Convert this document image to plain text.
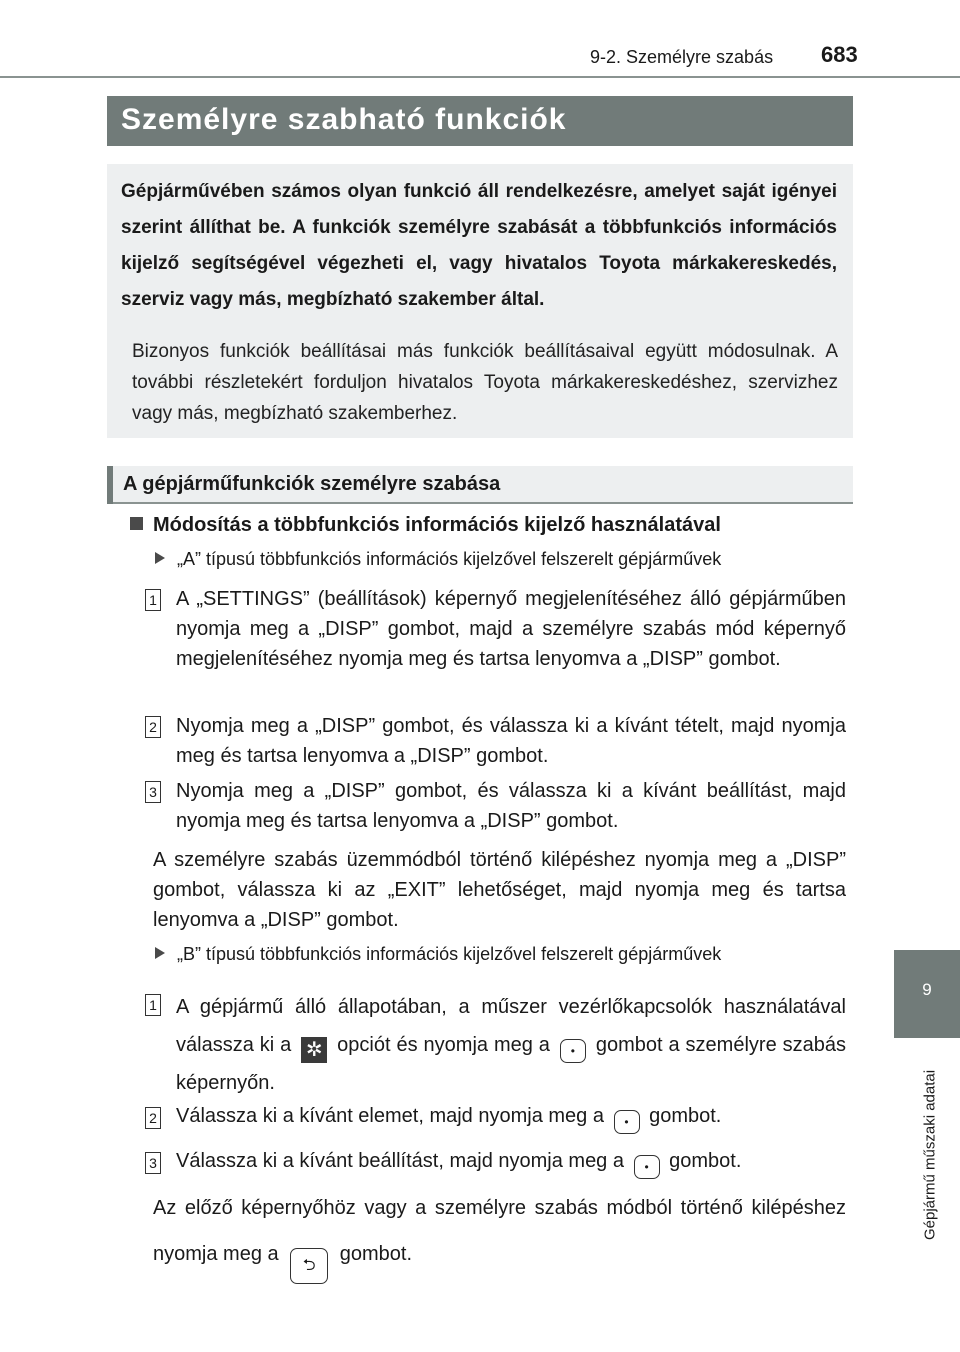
9-2. Személyre szabás 683
9
Gépjármű műszaki adatai
Személyre szabható funkciók
Gépjárművében számos olyan funkció áll rendelkezésre, amelyet saját igényei szerint állíthat be. A funkciók személyre szabását a többfunkciós információs kijelző segítségével végezheti el, vagy hivatalos Toyota márkakereskedés, szerviz vagy más, megbízható szakember által.
Bizonyos funkciók beállításai más funkciók beállításaival együtt módosulnak. A további részletekért forduljon hivatalos Toyota márkakereskedéshez, szervizhez vagy más, megbízható szakemberhez.
A gépjárműfunkciók személyre szabása
Módosítás a többfunkciós információs kijelző használatával
„A” típusú többfunkciós információs kijelzővel felszerelt gépjárművek
1 A „SETTINGS” (beállítások) képernyő megjelenítéséhez álló gépjárműben nyomja meg a „DISP” gombot, majd a személyre szabás mód képernyő megjelenítéséhez nyomja meg és tartsa lenyomva a „DISP” gombot.
2 Nyomja meg a „DISP” gombot, és válassza ki a kívánt tételt, majd nyomja meg és tartsa lenyomva a „DISP” gombot.
3 Nyomja meg a „DISP” gombot, és válassza ki a kívánt beállítást, majd nyomja meg és tartsa lenyomva a „DISP” gombot.
A személyre szabás üzemmódból történő kilépéshez nyomja meg a „DISP” gombot, válassza ki az „EXIT” lehetőséget, majd nyomja meg és tartsa lenyomva a „DISP” gombot.
„B” típusú többfunkciós információs kijelzővel felszerelt gépjárművek
1 A gépjármű álló állapotában, a műszer vezérlőkapcsolók használatával válassza ki a ✲ opciót és nyomja meg a • gombot a személyre szabás képernyőn.
2 Válassza ki a kívánt elemet, majd nyomja meg a • gombot.
3 Válassza ki a kívánt beállítást, majd nyomja meg a • gombot.
Az előző képernyőhöz vagy a személyre szabás módból történő kilépéshez nyomja meg a ⮌ gombot.
